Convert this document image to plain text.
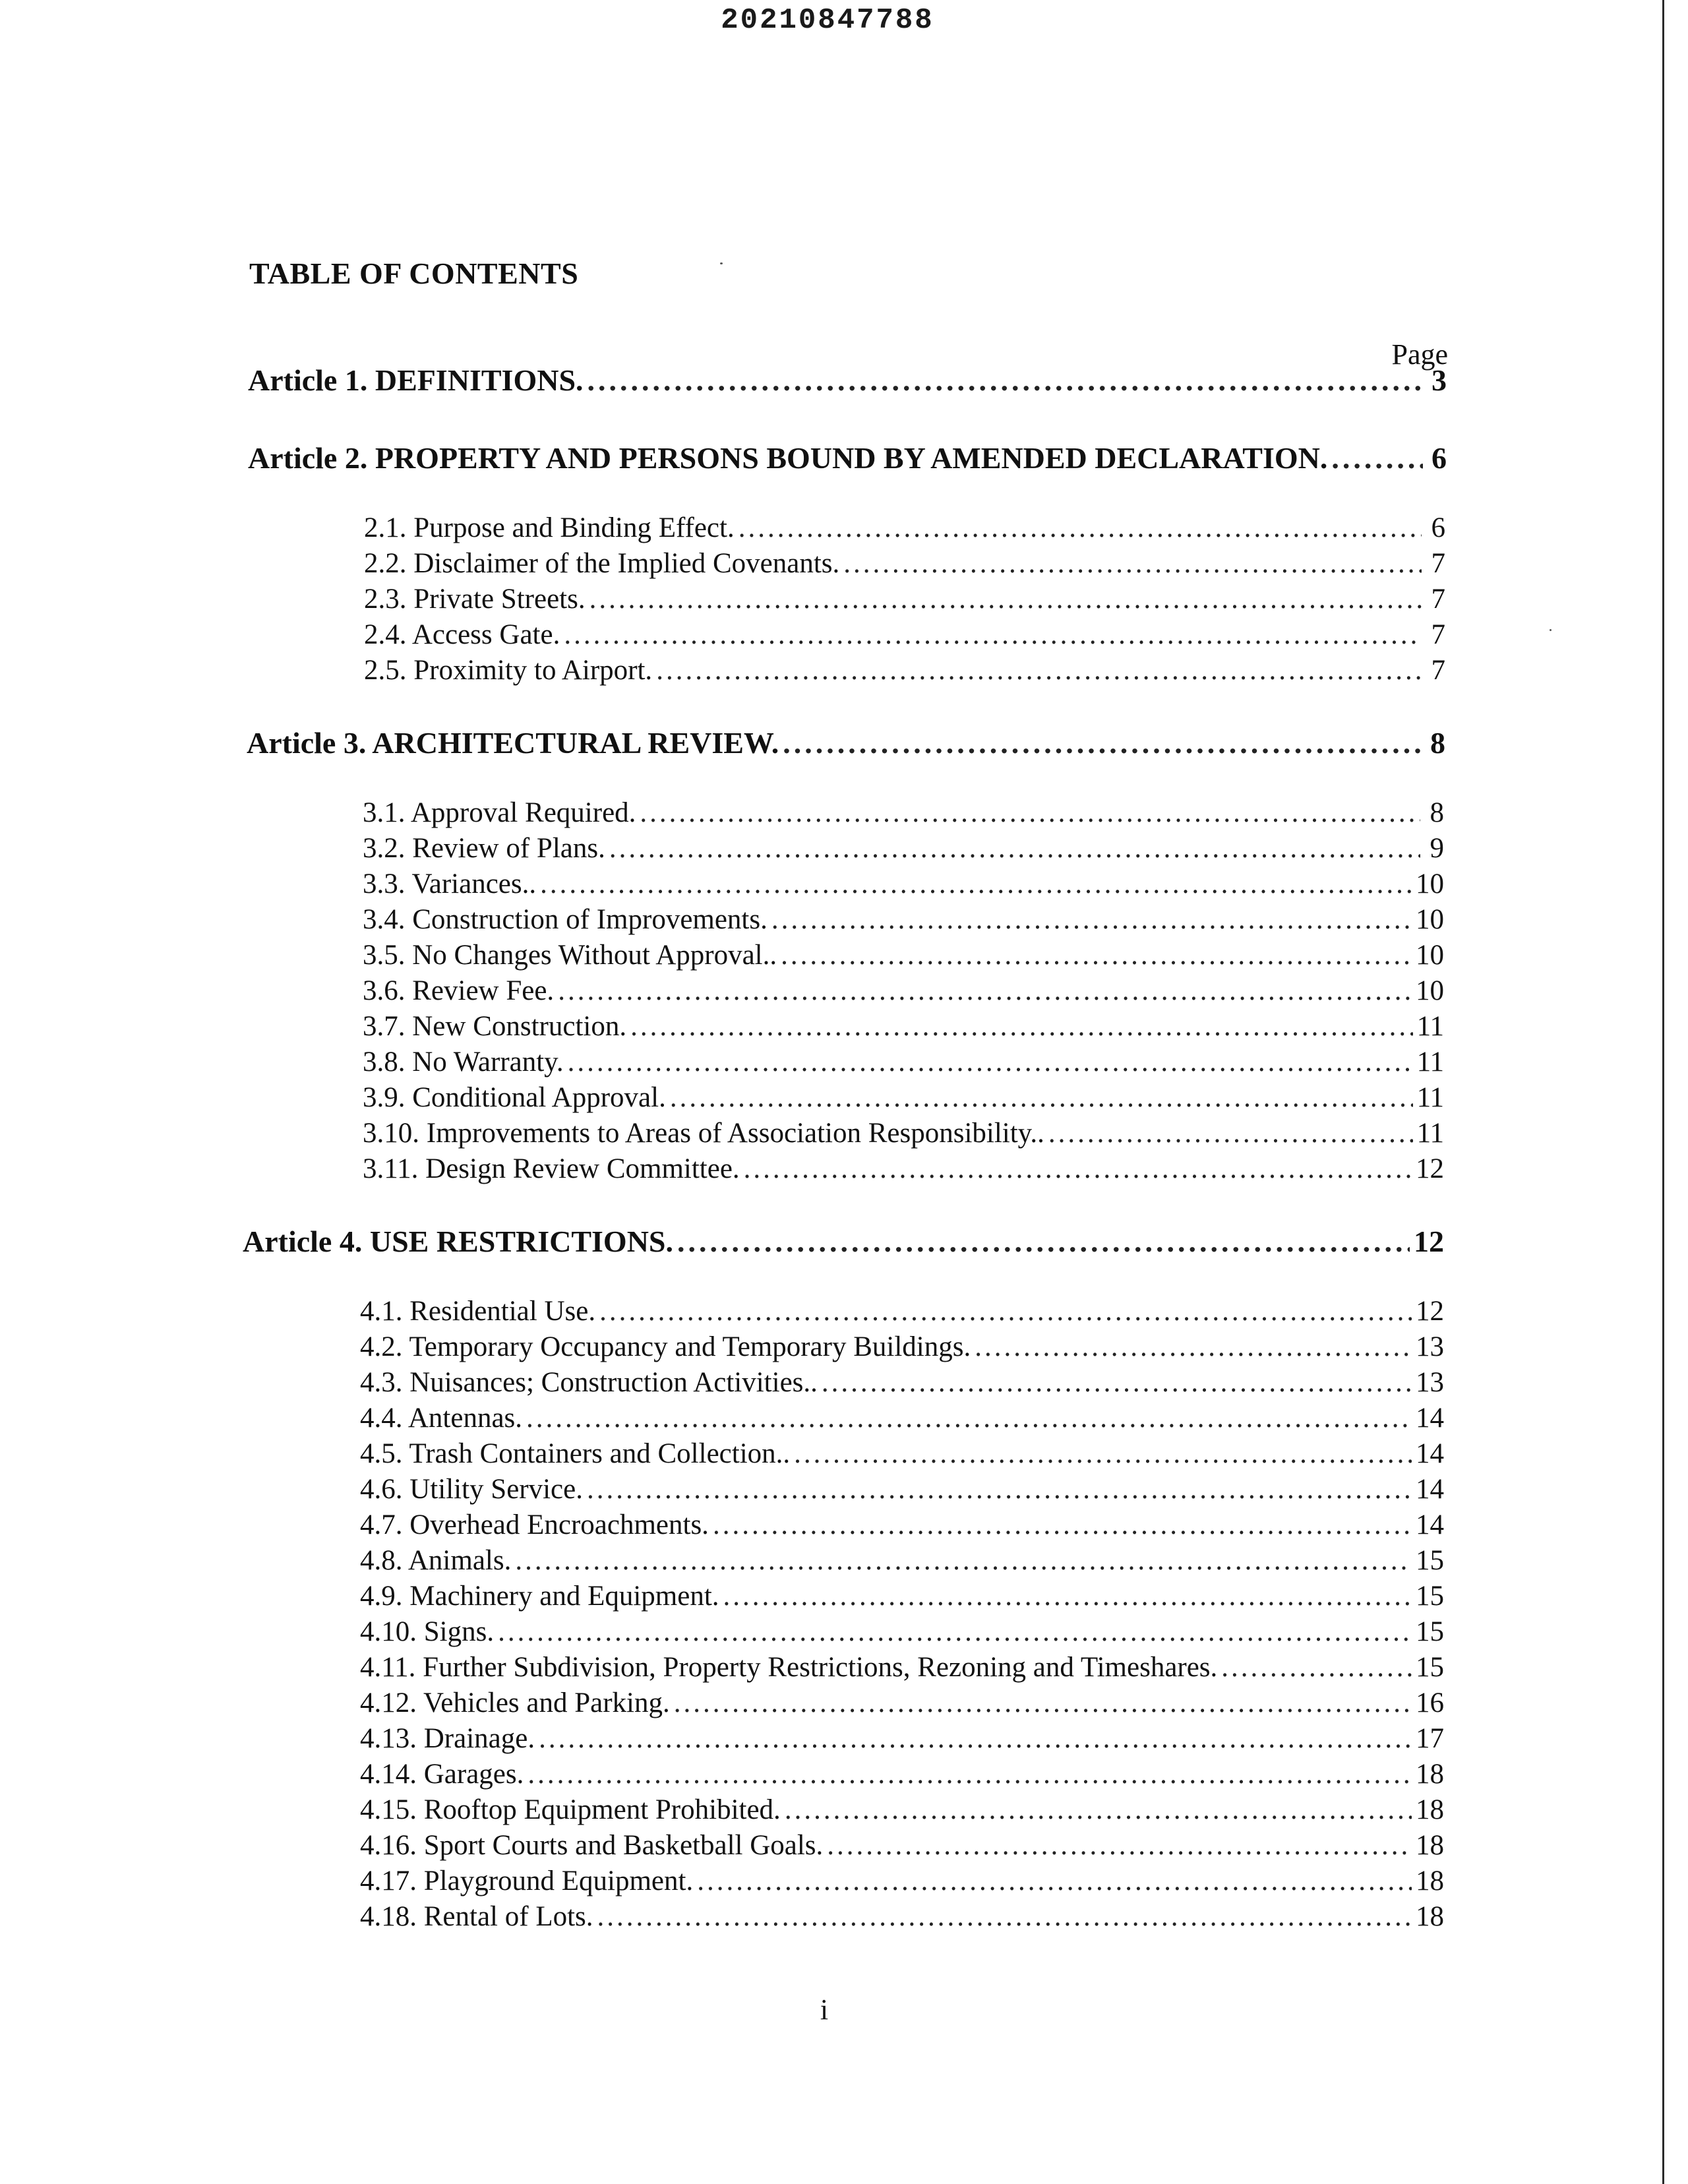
20210847788
TABLE OF CONTENTS
Page
Article 1. DEFINITIONS. .....	3
Article 2. PROPERTY AND PERSONS BOUND BY AMENDED DECLARATION. .....	6
2.1. Purpose and Binding Effect. .....	6
2.2. Disclaimer of the Implied Covenants. .....	7
2.3. Private Streets. .....	7
2.4. Access Gate. .....	7
2.5. Proximity to Airport. .....	7
Article 3. ARCHITECTURAL REVIEW. .....	8
3.1. Approval Required. .....	8
3.2. Review of Plans. .....	9
3.3. Variances.. .....	10
3.4. Construction of Improvements. .....	10
3.5. No Changes Without Approval.. .....	10
3.6. Review Fee. .....	10
3.7. New Construction. .....	11
3.8. No Warranty. .....	11
3.9. Conditional Approval. .....	11
3.10. Improvements to Areas of Association Responsibility.. .....	11
3.11. Design Review Committee. .....	12
Article 4. USE RESTRICTIONS. .....	12
4.1. Residential Use. .....	12
4.2. Temporary Occupancy and Temporary Buildings. .....	13
4.3. Nuisances; Construction Activities.. .....	13
4.4. Antennas. .....	14
4.5. Trash Containers and Collection.. .....	14
4.6. Utility Service. .....	14
4.7. Overhead Encroachments. .....	14
4.8. Animals. .....	15
4.9. Machinery and Equipment. .....	15
4.10. Signs. .....	15
4.11. Further Subdivision, Property Restrictions, Rezoning and Timeshares. .....	15
4.12. Vehicles and Parking. .....	16
4.13. Drainage. .....	17
4.14. Garages. .....	18
4.15. Rooftop Equipment Prohibited. .....	18
4.16. Sport Courts and Basketball Goals. .....	18
4.17. Playground Equipment. .....	18
4.18. Rental of Lots. .....	18
i
